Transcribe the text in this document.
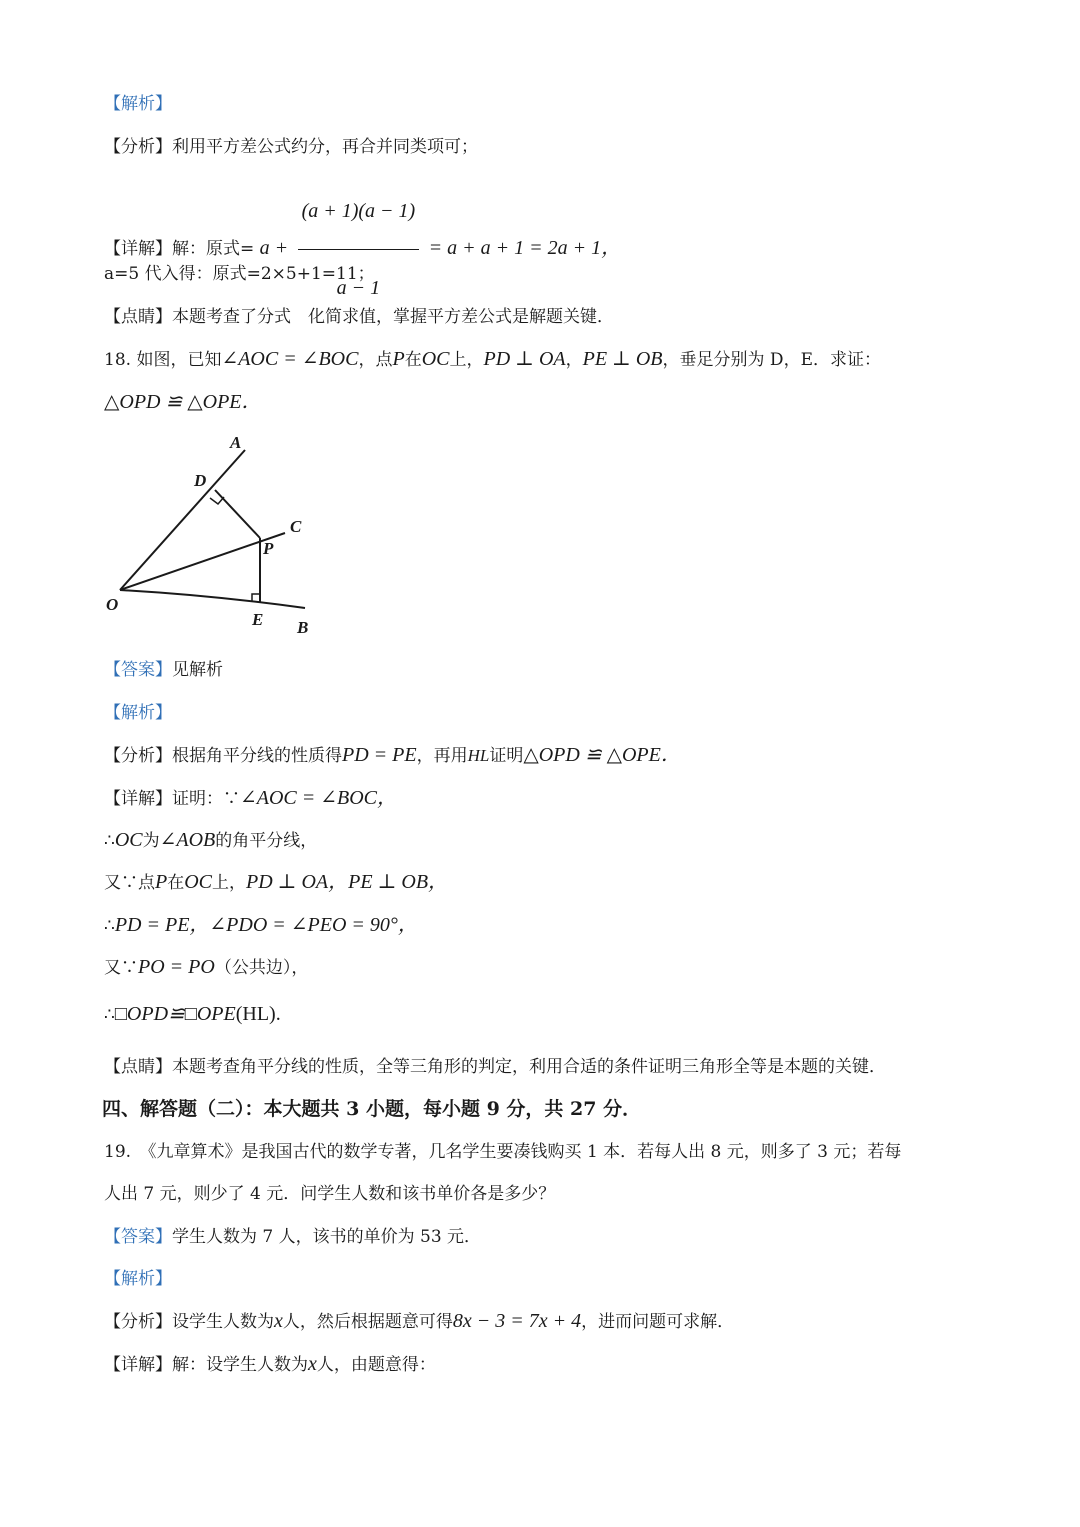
【解析】
【分析】利用平方差公式约分，再合并同类项可；
【详解】解：原式= $a + \frac{(a + 1)(a - 1)}{a - 1} = a + a + 1 = 2a + 1$，
a=5 代入得：原式=2×5+1=11；
【点睛】本题考查了分式　化简求值，掌握平方差公式是解题关键．
18. 如图，已知∠AOC = ∠BOC，点P在OC上，PD ⊥ OA，PE ⊥ OB，垂足分别为 D，E．求证：
△OPD ≌ △OPE．
A
D
C
P
O
E B
【答案】见解析
【解析】
【分析】根据角平分线的性质得PD = PE，再用HL证明△OPD ≌ △OPE．
【详解】证明：∵∠AOC = ∠BOC，
∴OC为∠AOB的角平分线，
又∵点P在OC上，PD ⊥ OA，PE ⊥ OB，
∴PD = PE，∠PDO = ∠PEO = 90°，
又∵PO = PO（公共边），
∴□OPD≌□OPE(HL).
【点睛】本题考查角平分线的性质，全等三角形的判定，利用合适的条件证明三角形全等是本题的关键．
四、解答题（二）：本大题共 3 小题，每小题 9 分，共 27 分．
19.　《九章算术》是我国古代的数学专著，几名学生要凑钱购买 1 本．若每人出 8 元，则多了 3 元；若每
人出 7 元，则少了 4 元．问学生人数和该书单价各是多少？
【答案】学生人数为 7 人，该书的单价为 53 元．
【解析】
【分析】设学生人数为x人，然后根据题意可得8x − 3 = 7x + 4，进而问题可求解．
【详解】解：设学生人数为x人，由题意得：
